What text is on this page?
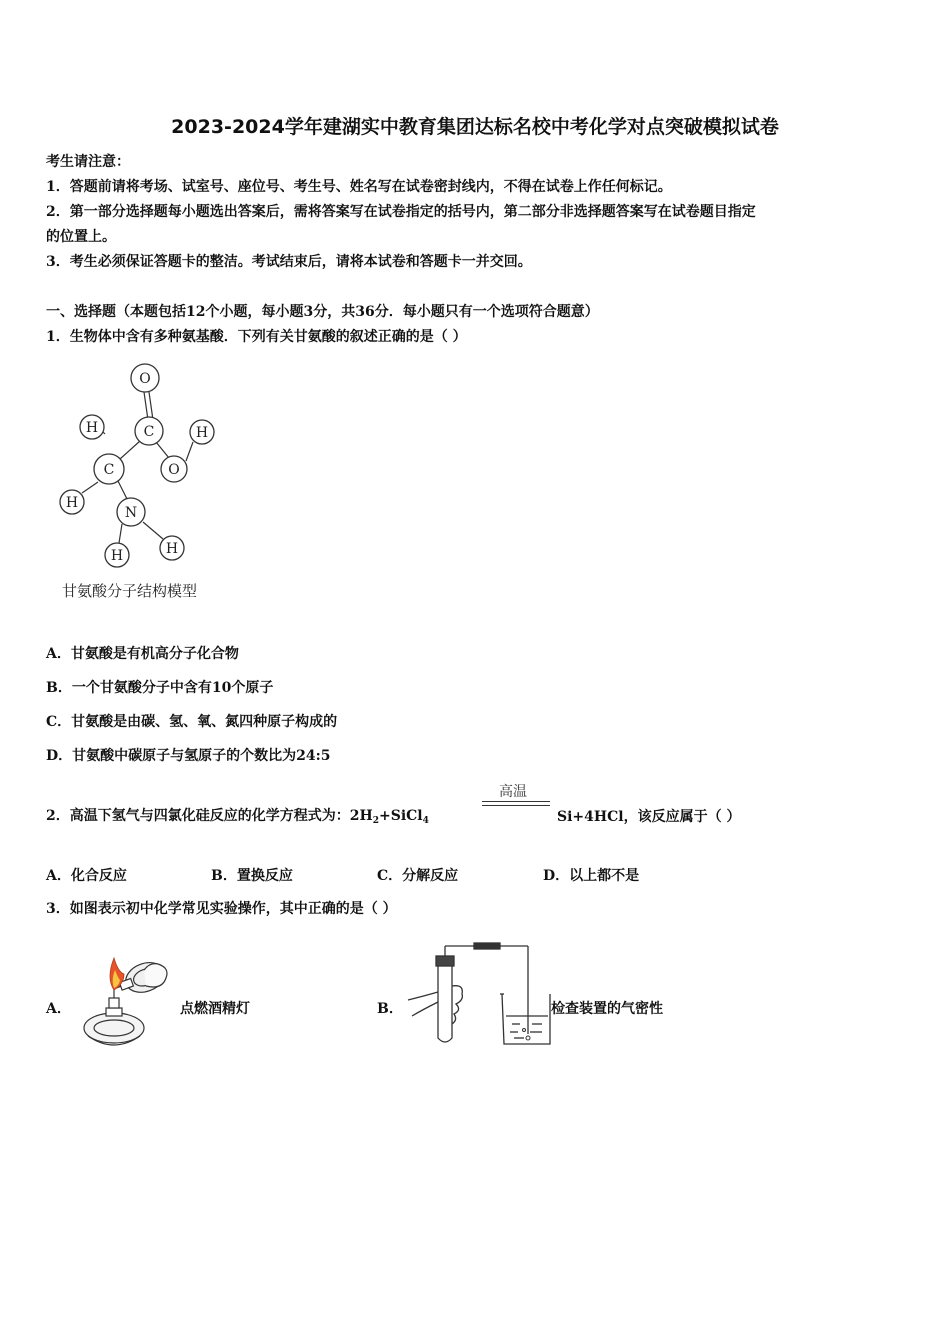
2023-2024学年建湖实中教育集团达标名校中考化学对点突破模拟试卷
考生请注意：
1．答题前请将考场、试室号、座位号、考生号、姓名写在试卷密封线内，不得在试卷上作任何标记。
2．第一部分选择题每小题选出答案后，需将答案写在试卷指定的括号内，第二部分非选择题答案写在试卷题目指定
的位置上。
3．考生必须保证答题卡的整洁。考试结束后，请将本试卷和答题卡一并交回。
一、选择题（本题包括12个小题，每小题3分，共36分．每小题只有一个选项符合题意）
1．生物体中含有多种氨基酸．下列有关甘氨酸的叙述正确的是（ ）
O
C
H	H
O
C
H
N
H	H
甘氨酸分子结构模型
A．甘氨酸是有机高分子化合物
B．一个甘氨酸分子中含有10个原子
C．甘氨酸是由碳、氢、氧、氮四种原子构成的
D．甘氨酸中碳原子与氢原子的个数比为24:5
2．高温下氢气与四氯化硅反应的化学方程式为：$2H_2+SiCl_4$
高温
Si+4HCl，该反应属于（ ）
A．化合反应	B．置换反应	C．分解反应	D．以上都不是
3．如图表示初中化学常见实验操作，其中正确的是（ ）
A．	点燃酒精灯	B．	检查装置的气密性
